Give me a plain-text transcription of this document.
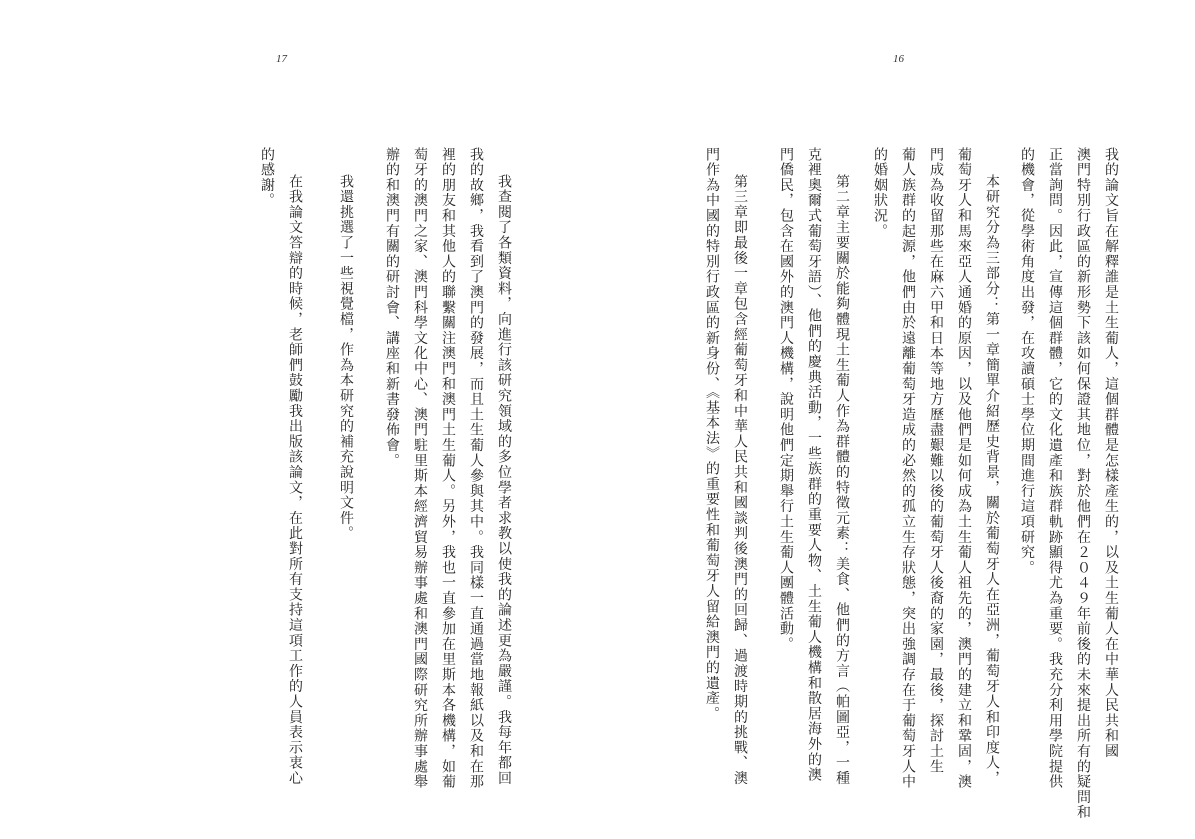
17	16
我的論文旨在解釋誰是土生葡人，這個群體是怎樣產生的，以及土生葡人在中華人民共和國
澳門特別行政區的新形勢下該如何保證其地位，對於他們在２０４９年前後的未來提出所有的疑問和
正當詢問。因此，宣傳這個群體，它的文化遺產和族群軌跡顯得尤為重要。我充分利用學院提供
的機會，從學術角度出發，在攻讀碩士學位期間進行這項研究。
本研究分為三部分：第一章簡單介紹歷史背景，關於葡萄牙人在亞洲，葡萄牙人和印度人，
葡萄牙人和馬來亞人通婚的原因，以及他們是如何成為土生葡人祖先的，澳門的建立和鞏固，澳
門成為收留那些在麻六甲和日本等地方歷盡艱難以後的葡萄牙人後裔的家園，最後，探討土生
葡人族群的起源，他們由於遠離葡萄牙造成的必然的孤立生存狀態，突出強調存在于葡萄牙人中
的婚姻狀況。
第二章主要關於能夠體現土生葡人作為群體的特徵元素：美食、他們的方言（帕圖亞，一種
克裡奧爾式葡萄牙語）、他們的慶典活動，一些族群的重要人物、土生葡人機構和散居海外的澳
門僑民，包含在國外的澳門人機構，說明他們定期舉行土生葡人團體活動。
第三章即最後一章包含經葡萄牙和中華人民共和國談判後澳門的回歸、過渡時期的挑戰、澳
門作為中國的特別行政區的新身份、《基本法》的重要性和葡萄牙人留給澳門的遺產。
我查閱了各類資料，向進行該研究領域的多位學者求教以使我的論述更為嚴謹。我每年都回
我的故鄉，我看到了澳門的發展，而且土生葡人參與其中。我同樣一直通過當地報紙以及和在那
裡的朋友和其他人的聯繫關注澳門和澳門土生葡人。另外，我也一直參加在里斯本各機構，如葡
萄牙的澳門之家、澳門科學文化中心、澳門駐里斯本經濟貿易辦事處和澳門國際研究所辦事處舉
辦的和澳門有關的研討會、講座和新書發佈會。
我還挑選了一些視覺檔，作為本研究的補充說明文件。
在我論文答辯的時候，老師們鼓勵我出版該論文，在此對所有支持這項工作的人員表示衷心
的感謝。
